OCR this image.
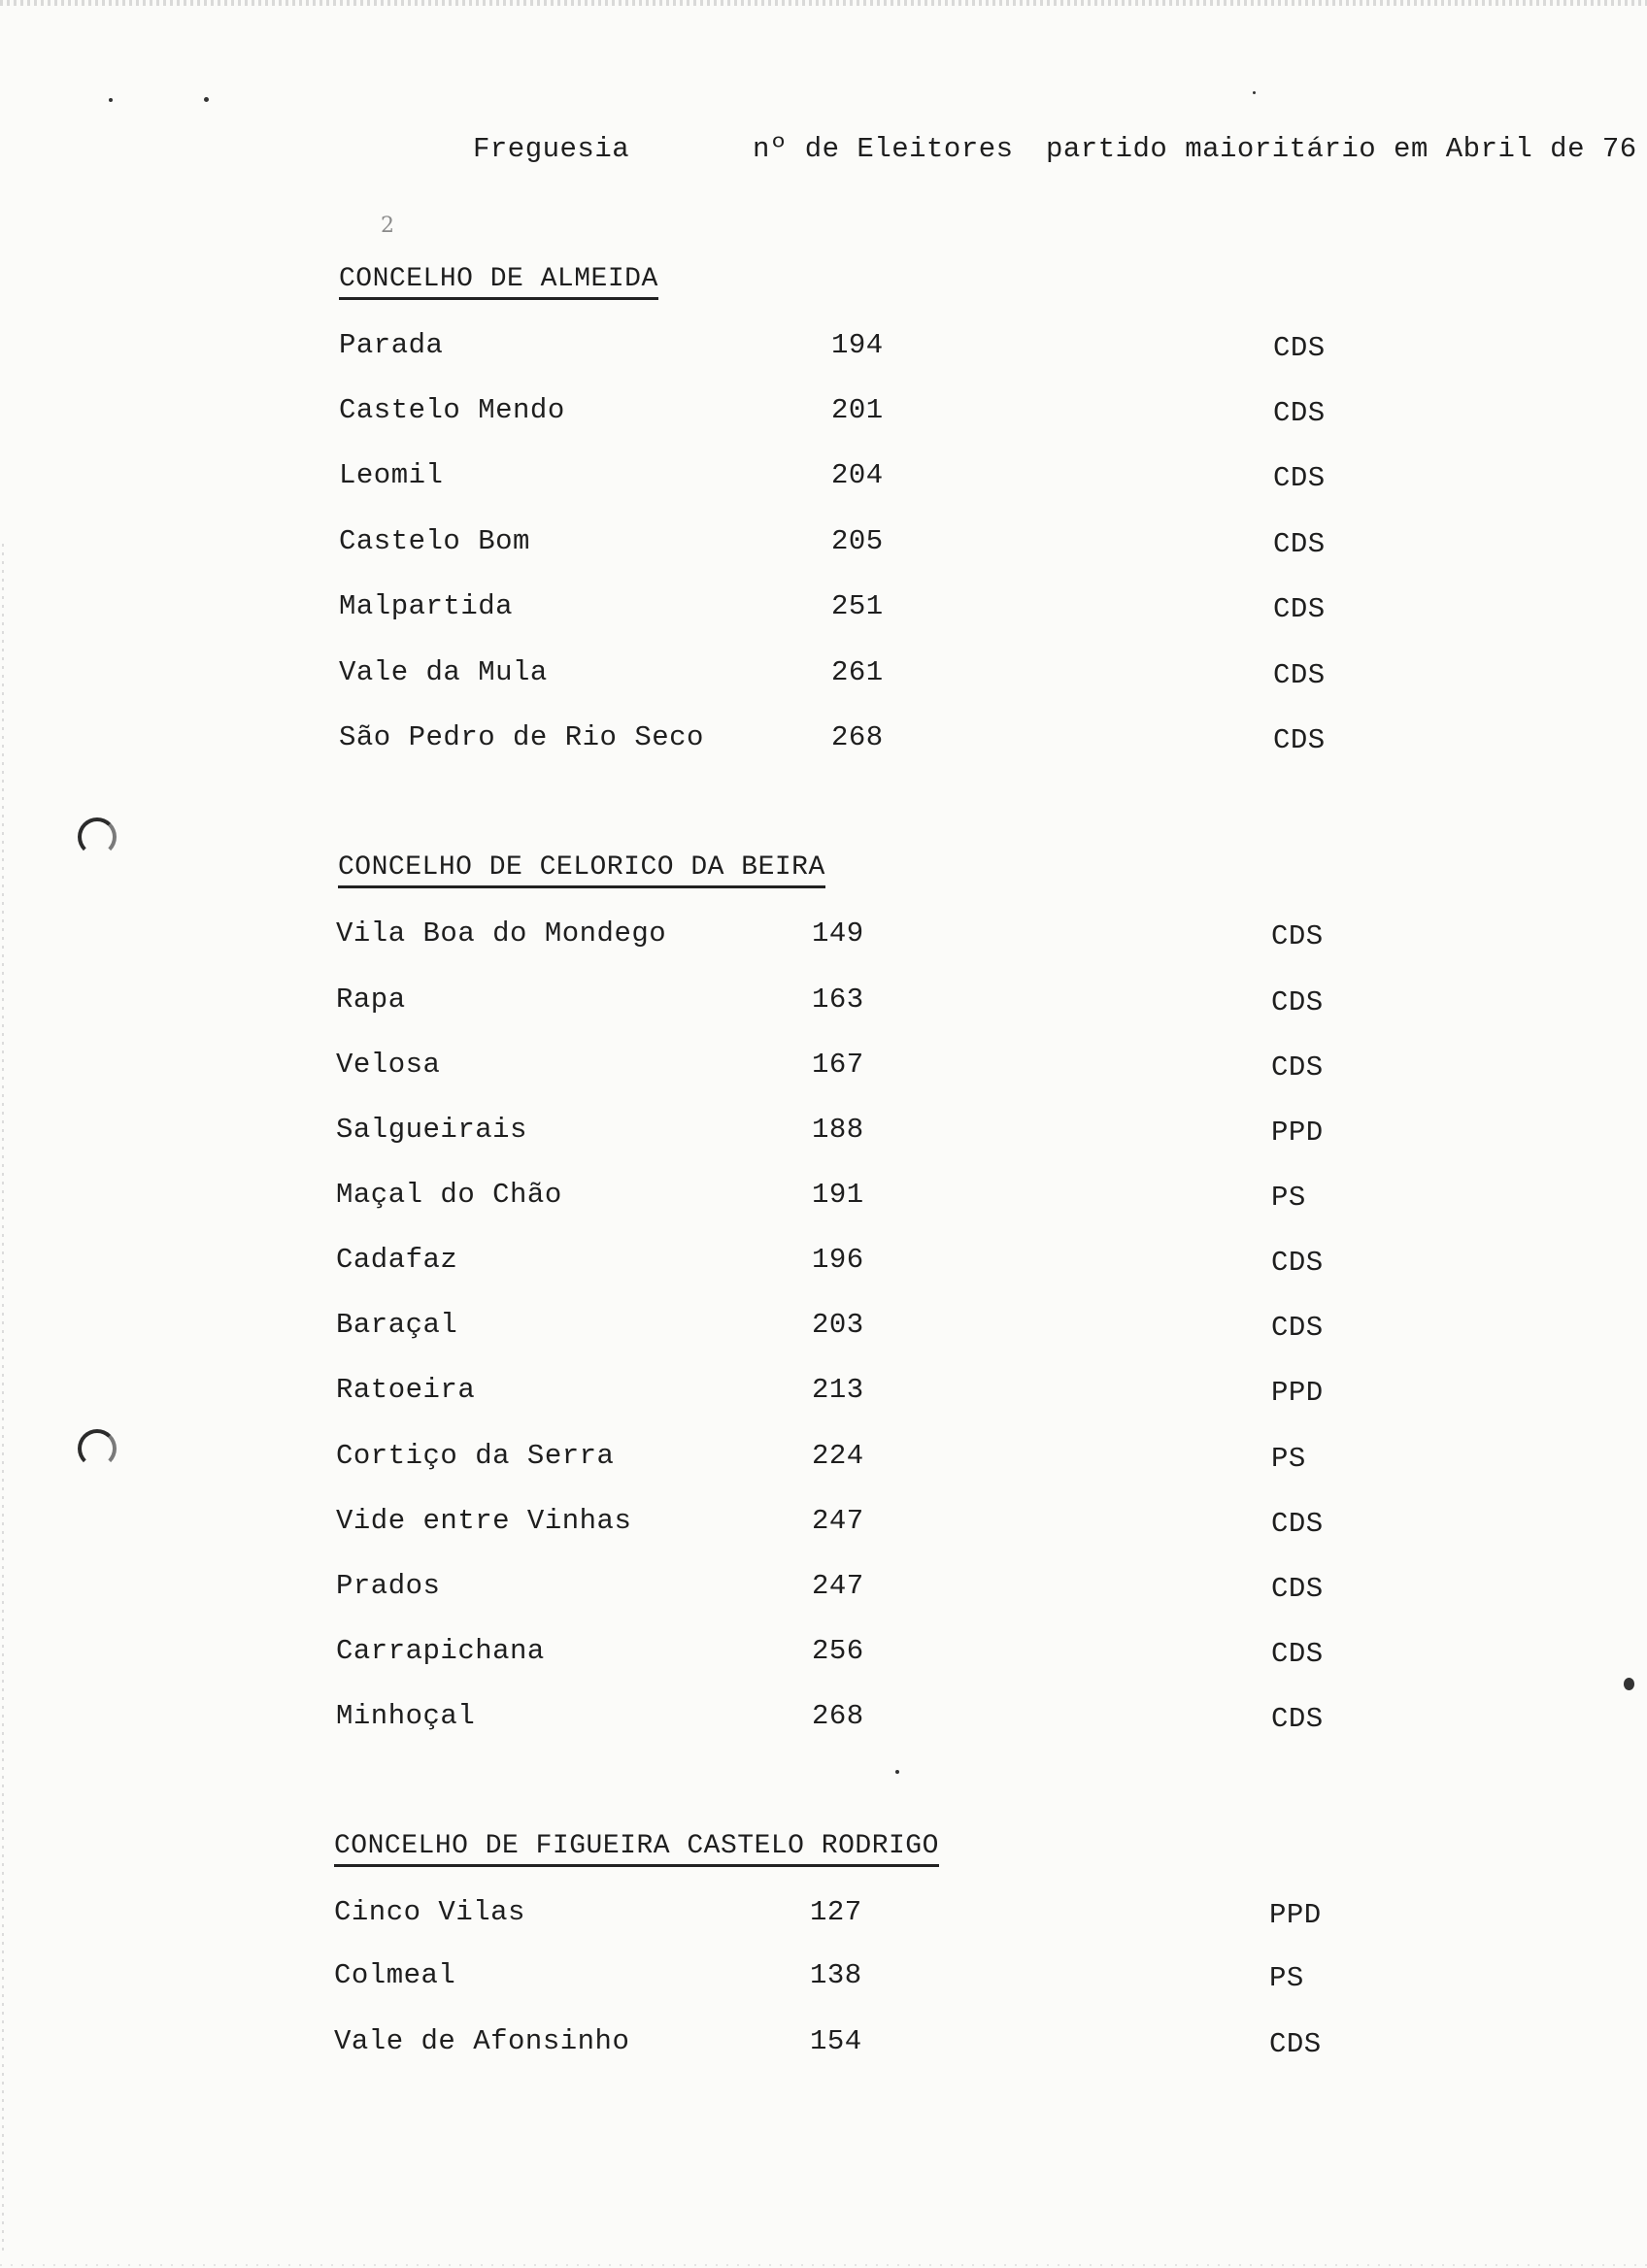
2
Freguesia	nº de Eleitores partido maioritário em Abril de 76
CONCELHO DE ALMEIDA
Parada	194	CDS
Castelo Mendo	201	CDS
Leomil	204	CDS
Castelo Bom	205	CDS
Malpartida	251	CDS
Vale da Mula	261	CDS
São Pedro de Rio Seco	268	CDS
CONCELHO DE CELORICO DA BEIRA
Vila Boa do Mondego	149	CDS
Rapa	163	CDS
Velosa	167	CDS
Salgueirais	188	PPD
Maçal do Chão	191	PS
Cadafaz	196	CDS
Baraçal	203	CDS
Ratoeira	213	PPD
Cortiço da Serra	224	PS
Vide entre Vinhas	247	CDS
Prados	247	CDS
Carrapichana	256	CDS
Minhoçal	268	CDS
CONCELHO DE FIGUEIRA CASTELO RODRIGO
Cinco Vilas	127	PPD
Colmeal	138	PS
Vale de Afonsinho	154	CDS
